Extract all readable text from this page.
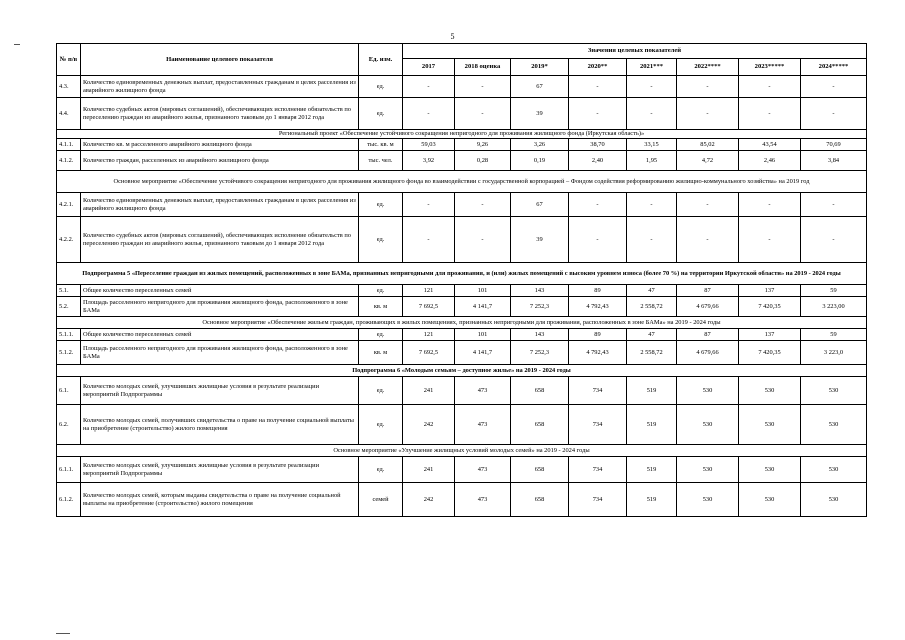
5
№ п/в	Наименование целевого показателя	Ед. изм.	Значения целевых показателей							
			2017	2018 оценка	2019*	2020**	2021***	2022****	2023*****	2024*****
4.3.	Количество единовременных денежных выплат, предоставленных гражданам в целях расселения из аварийного жилищного фонда	ед.	-	-	67	-	-	-	-	-
4.4.	Количество судебных актов (мировых соглашений), обеспечивающих исполнение обязательств по переселению граждан из аварийного жилья, признанного таковым до 1 января 2012 года	ед.	-	-	39	-	-	-	-	-
Региональный проект «Обеспечение устойчивого сокращения непригодного для проживания жилищного фонда (Иркутская область)»										
4.1.1.	Количество кв. м расселенного аварийного жилищного фонда	тыс. кв. м	59,03	9,26	3,26	38,70	33,15	85,02	43,54	70,69
4.1.2.	Количество граждан, расселенных из аварийного жилищного фонда	тыс. чел.	3,92	0,28	0,19	2,40	1,95	4,72	2,46	3,84
Основное мероприятие «Обеспечение устойчивого сокращения непригодного для проживания жилищного фонда во взаимодействии с государственной корпорацией – Фондом содействия реформированию жилищно-коммунального хозяйства» на 2019 год										
4.2.1.	Количество единовременных денежных выплат, предоставленных гражданам в целях расселения из аварийного жилищного фонда	ед.	-	-	67	-	-	-	-	-
4.2.2.	Количество судебных актов (мировых соглашений), обеспечивающих исполнение обязательств по переселению граждан из аварийного жилья, признанного таковым до 1 января 2012 года	ед.	-	-	39	-	-	-	-	-
Подпрограмма 5 «Переселение граждан из жилых помещений, расположенных в зоне БАМа, признанных непригодными для проживания, и (или) жилых помещений с высоким уровнем износа (более 70 %) на территории Иркутской области» на 2019 - 2024 годы										
5.1.	Общее количество переселенных семей	ед.	121	101	143	89	47	87	137	59
5.2.	Площадь расселенного непригодного для проживания жилищного фонда, расположенного в зоне БАМа	кв. м	7 692,5	4 141,7	7 252,3	4 792,43	2 558,72	4 679,66	7 420,35	3 223,00
Основное мероприятие «Обеспечение жильем граждан, проживающих в жилых помещениях, признанных непригодными для проживания, расположенных в зоне БАМа» на 2019 - 2024 годы										
5.1.1.	Общее количество переселенных семей	ед.	121	101	143	89	47	87	137	59
5.1.2.	Площадь расселенного непригодного для проживания жилищного фонда, расположенного в зоне БАМа	кв. м	7 692,5	4 141,7	7 252,3	4 792,43	2 558,72	4 679,66	7 420,35	3 223,0
Подпрограмма 6 «Молодым семьям – доступное жилье» на 2019 - 2024 годы										
6.1.	Количество молодых семей, улучшивших жилищные условия в результате реализации мероприятий Подпрограммы	ед.	241	473	658	734	519	530	530	530
6.2.	Количество молодых семей, получивших свидетельства о праве на получение социальной выплаты на приобретение (строительство) жилого помещения	ед.	242	473	658	734	519	530	530	530
Основное мероприятие «Улучшение жилищных условий молодых семей» на 2019 - 2024 годы										
6.1.1.	Количество молодых семей, улучшивших жилищные условия в результате реализации мероприятий Подпрограммы	ед.	241	473	658	734	519	530	530	530
6.1.2.	Количество молодых семей, которым выданы свидетельства о праве на получение социальной выплаты на приобретение (строительство) жилого помещения	семей	242	473	658	734	519	530	530	530
